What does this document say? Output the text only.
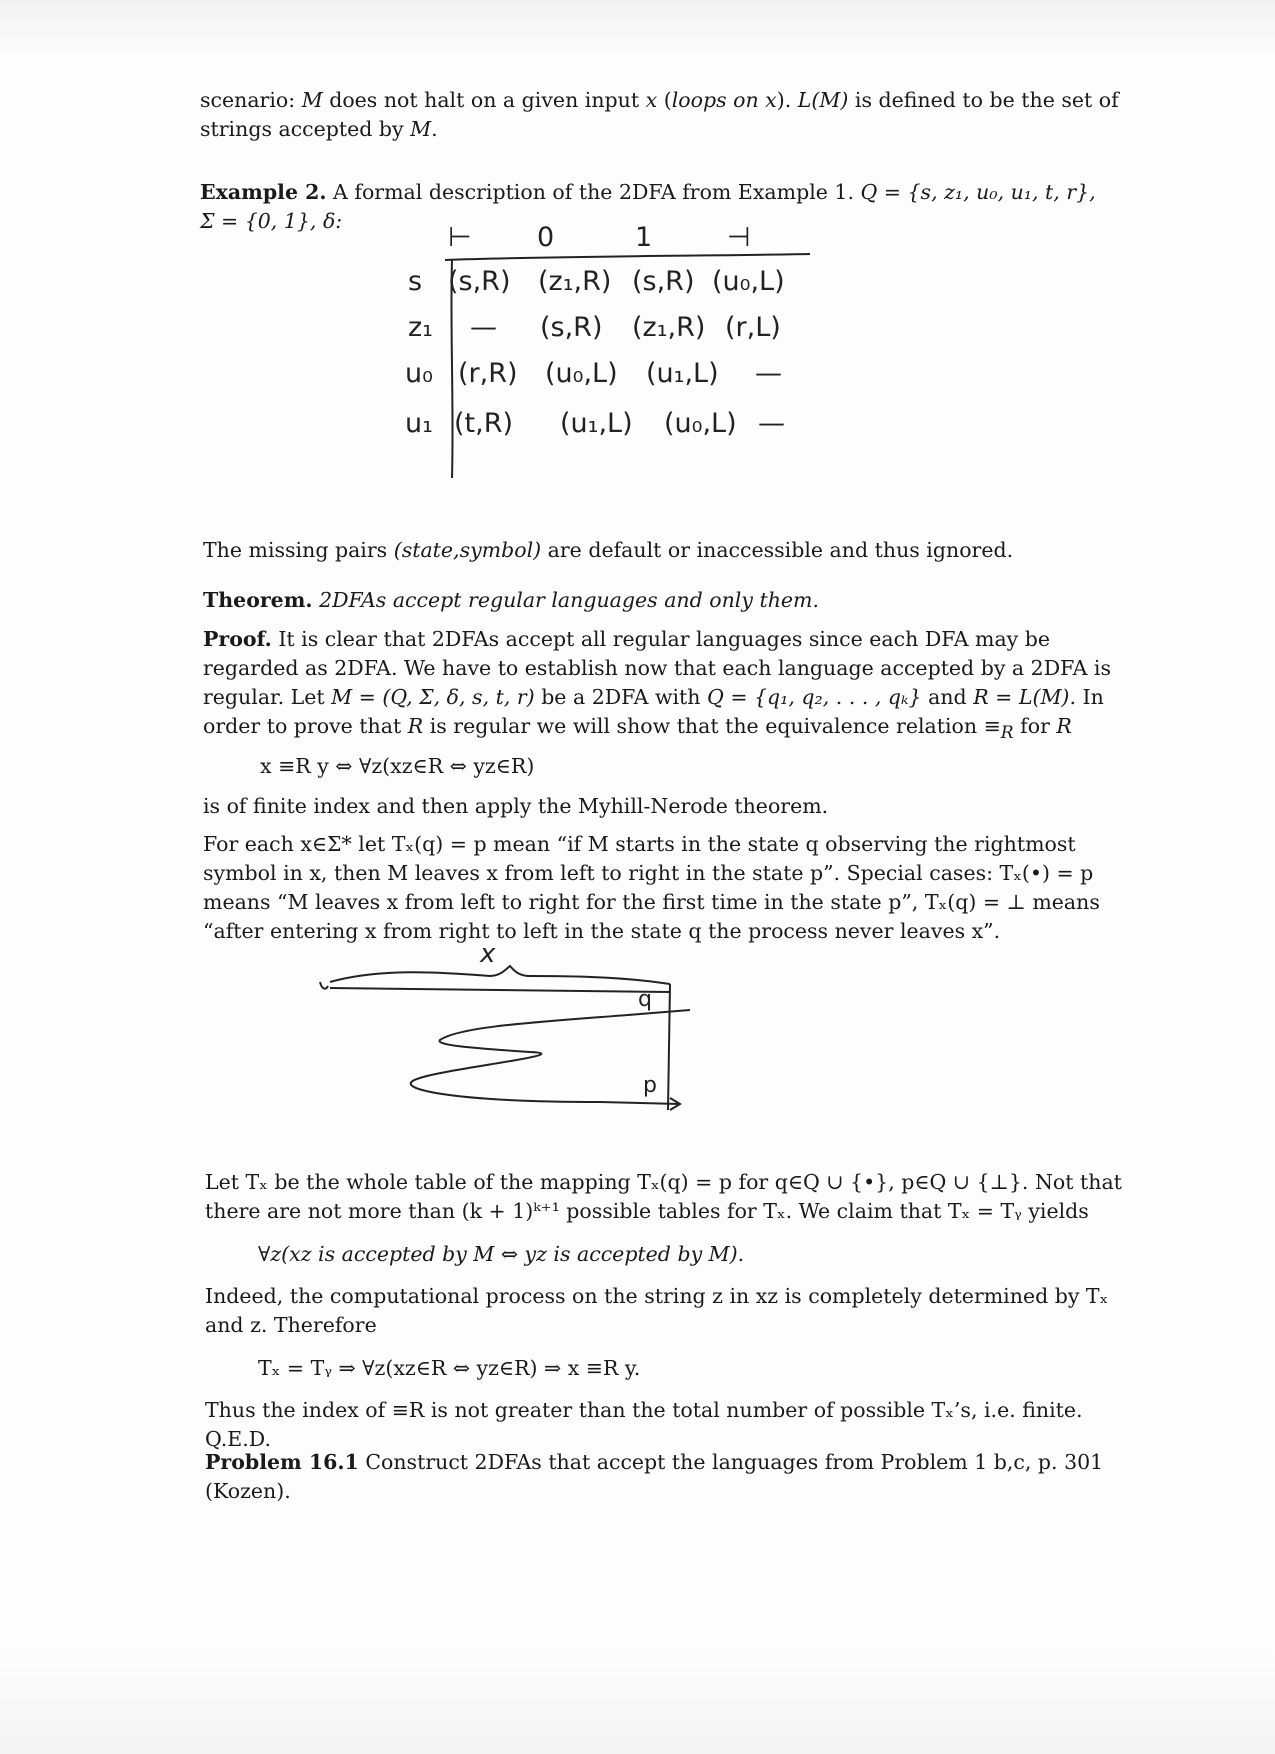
scenario: M does not halt on a given input x (loops on x). L(M) is defined to be the set of strings accepted by M.

Example 2. A formal description of the 2DFA from Example 1. Q = {s, z₁, u₀, u₁, t, r},
Σ = {0, 1}, δ:

⊢ 0	1	⊣
s
z₁
u₀
u₁
(s,R) (z₁,R) (s,R) (u₀,L)
— (s,R) (z₁,R) (r,L)
(r,R) (u₀,L) (u₁,L) —
(t,R) (u₁,L) (u₀,L) —

The missing pairs (state,symbol) are default or inaccessible and thus ignored.

Theorem. 2DFAs accept regular languages and only them.

Proof. It is clear that 2DFAs accept all regular languages since each DFA may be regarded as 2DFA. We have to establish now that each language accepted by a 2DFA is regular. Let M = (Q, Σ, δ, s, t, r) be a 2DFA with Q = {q₁, q₂, . . . , qₖ} and R = L(M). In order to prove that R is regular we will show that the equivalence relation $\equiv_R$ for R

x ≡R y ⇔ ∀z(xz∈R ⇔ yz∈R)

is of finite index and then apply the Myhill-Nerode theorem.

For each x∈Σ* let Tₓ(q) = p mean “if M starts in the state q observing the rightmost symbol in x, then M leaves x from left to right in the state p”. Special cases: Tₓ(•) = p means “M leaves x from left to right for the first time in the state p”, Tₓ(q) = ⊥ means “after entering x from right to left in the state q the process never leaves x”.

x
q
p

Let Tₓ be the whole table of the mapping Tₓ(q) = p for q∈Q ∪ {•}, p∈Q ∪ {⊥}. Not that there are not more than (k + 1)ᵏ⁺¹ possible tables for Tₓ. We claim that Tₓ = Tᵧ yields

∀z(xz is accepted by M ⇔ yz is accepted by M).

Indeed, the computational process on the string z in xz is completely determined by Tₓ and z. Therefore

Tₓ = Tᵧ ⇒ ∀z(xz∈R ⇔ yz∈R) ⇒ x ≡R y.

Thus the index of ≡R is not greater than the total number of possible Tₓ’s, i.e. finite. Q.E.D.

Problem 16.1 Construct 2DFAs that accept the languages from Problem 1 b,c, p. 301 (Kozen).
